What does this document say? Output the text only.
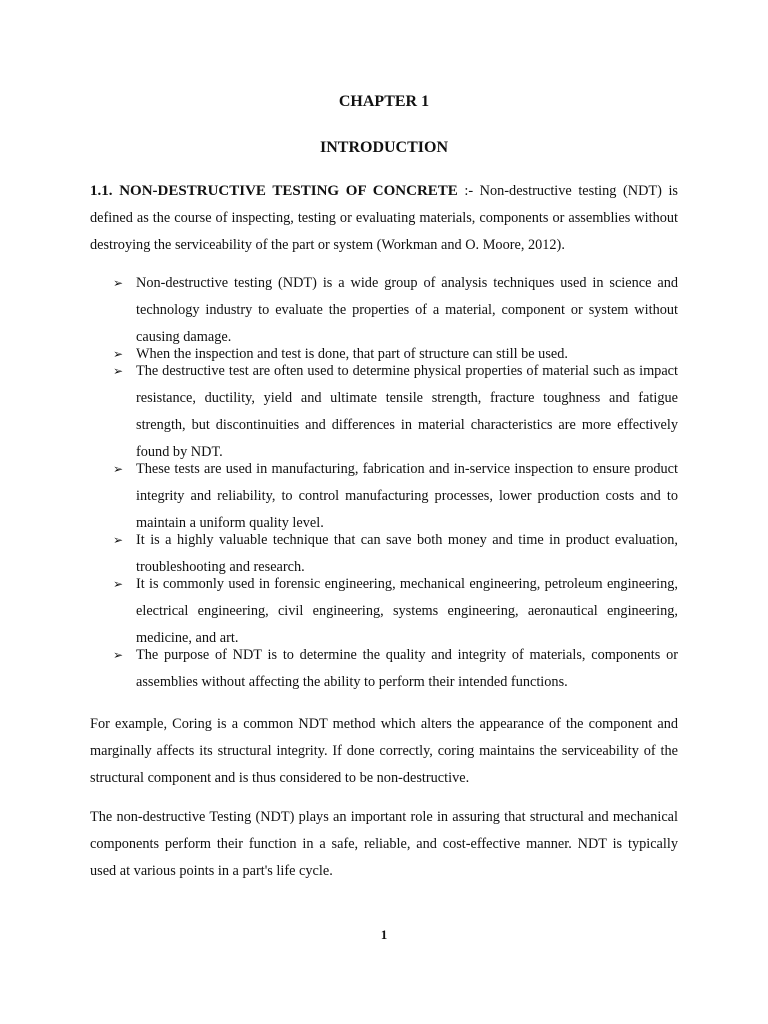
CHAPTER 1
INTRODUCTION
1.1. NON-DESTRUCTIVE TESTING OF CONCRETE :- Non-destructive testing (NDT) is defined as the course of inspecting, testing or evaluating materials, components or assemblies without destroying the serviceability of the part or system (Workman and O. Moore, 2012).
➢ Non-destructive testing (NDT) is a wide group of analysis techniques used in science and technology industry to evaluate the properties of a material, component or system without causing damage.
➢ When the inspection and test is done, that part of structure can still be used.
➢ The destructive test are often used to determine physical properties of material such as impact resistance, ductility, yield and ultimate tensile strength, fracture toughness and fatigue strength, but discontinuities and differences in material characteristics are more effectively found by NDT.
➢ These tests are used in manufacturing, fabrication and in-service inspection to ensure product integrity and reliability, to control manufacturing processes, lower production costs and to maintain a uniform quality level.
➢ It is a highly valuable technique that can save both money and time in product evaluation, troubleshooting and research.
➢ It is commonly used in forensic engineering, mechanical engineering, petroleum engineering, electrical engineering, civil engineering, systems engineering, aeronautical engineering, medicine, and art.
➢ The purpose of NDT is to determine the quality and integrity of materials, components or assemblies without affecting the ability to perform their intended functions.
For example, Coring is a common NDT method which alters the appearance of the component and marginally affects its structural integrity. If done correctly, coring maintains the serviceability of the structural component and is thus considered to be non-destructive.
The non-destructive Testing (NDT) plays an important role in assuring that structural and mechanical components perform their function in a safe, reliable, and cost-effective manner. NDT is typically used at various points in a part's life cycle.
1
